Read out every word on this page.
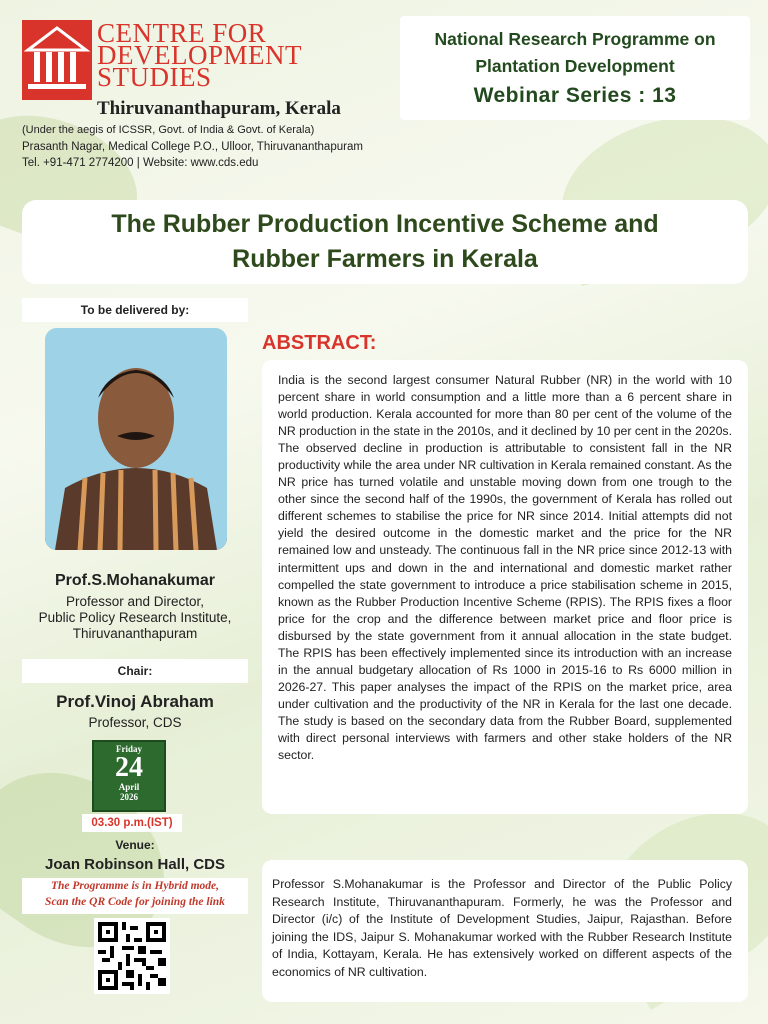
CENTRE FOR
DEVELOPMENT
STUDIES
Thiruvananthapuram, Kerala
(Under the aegis of ICSSR, Govt. of India & Govt. of Kerala)
Prasanth Nagar, Medical College P.O., Ulloor, Thiruvananthapuram
Tel. +91-471 2774200 | Website: www.cds.edu
National Research Programme on
Plantation Development
Webinar Series : 13
The Rubber Production Incentive Scheme and
Rubber Farmers in Kerala
To be delivered by:
Prof.S.Mohanakumar
Professor and Director,
Public Policy Research Institute,
Thiruvananthapuram
Chair:
Prof.Vinoj Abraham
Professor, CDS
Friday
24
April
2026
03.30 p.m.(IST)
Venue:
Joan Robinson Hall, CDS
The Programme is in Hybrid mode,
Scan the QR Code for joining the link
ABSTRACT:

India is the second largest consumer Natural Rubber (NR) in the world with 10 percent share in world consumption and a little more than a 6 percent share in world production. Kerala accounted for more than 80 per cent of the volume of the NR production in the state in the 2010s, and it declined by 10 per cent in the 2020s. The observed decline in production is attributable to consistent fall in the NR productivity while the area under NR cultivation in Kerala remained constant. As the NR price has turned volatile and unstable moving down from one trough to the other since the second half of the 1990s, the government of Kerala has rolled out different schemes to stabilise the price for NR since 2014. Initial attempts did not yield the desired outcome in the domestic market and the price for the NR remained low and unsteady. The continuous fall in the NR price since 2012-13 with intermittent ups and down in the and international and domestic market rather compelled the state government to introduce a price stabilisation scheme in 2015, known as the Rubber Production Incentive Scheme (RPIS). The RPIS fixes a floor price for the crop and the difference between market price and floor price is disbursed by the state government from it annual allocation in the state budget. The RPIS has been effectively implemented since its introduction with an increase in the annual budgetary allocation of Rs 1000 in 2015-16 to Rs 6000 million in 2026-27. This paper analyses the impact of the RPIS on the market price, area under cultivation and the productivity of the NR in Kerala for the last one decade. The study is based on the secondary data from the Rubber Board, supplemented with direct personal interviews with farmers and other stake holders of the NR sector.

Professor S.Mohanakumar is the Professor and Director of the Public Policy Research Institute, Thiruvananthapuram. Formerly, he was the Professor and Director (i/c) of the Institute of Development Studies, Jaipur, Rajasthan. Before joining the IDS, Jaipur S. Mohanakumar worked with the Rubber Research Institute of India, Kottayam, Kerala. He has extensively worked on different aspects of the economics of NR cultivation.
